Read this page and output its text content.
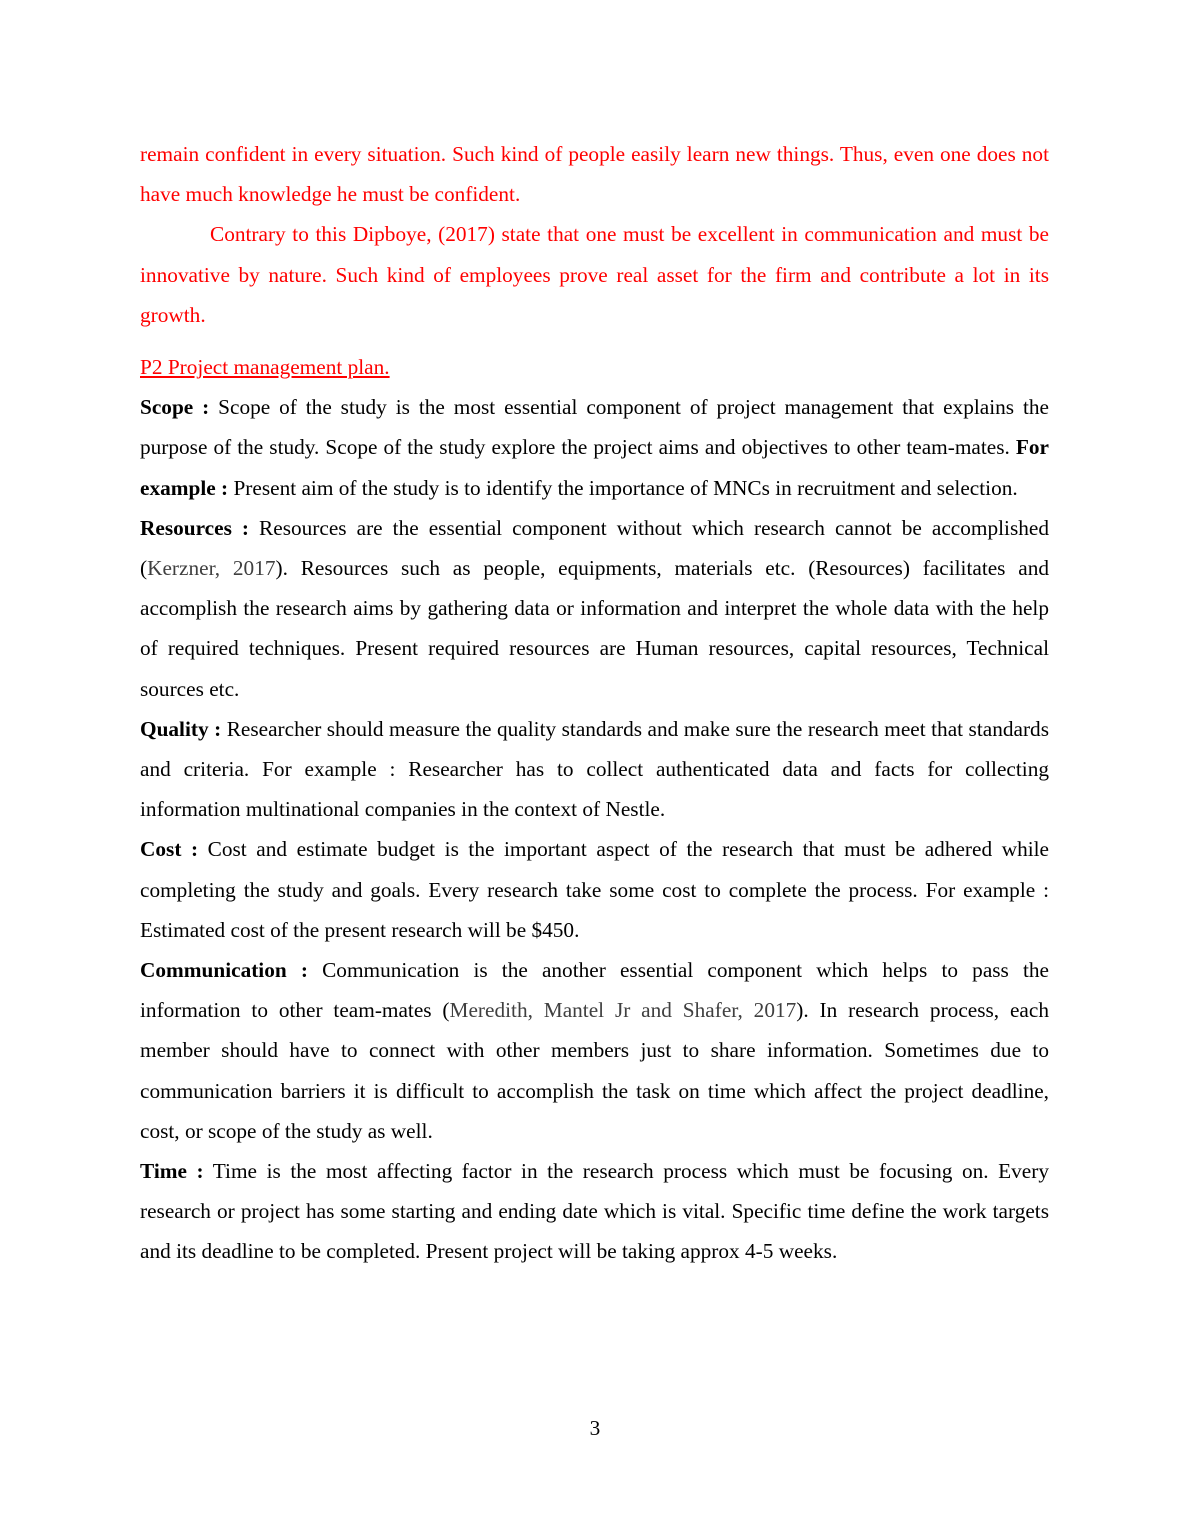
remain confident in every situation. Such kind of people easily learn new things. Thus, even one does not have much knowledge he must be confident.

Contrary to this Dipboye, (2017) state that one must be excellent in communication and must be innovative by nature. Such kind of employees prove real asset for the firm and contribute a lot in its growth.

P2 Project management plan.

Scope : Scope of the study is the most essential component of project management that explains the purpose of the study. Scope of the study explore the project aims and objectives to other team-mates. For example : Present aim of the study is to identify the importance of MNCs in recruitment and selection.

Resources : Resources are the essential component without which research cannot be accomplished (Kerzner, 2017). Resources such as people, equipments, materials etc. (Resources) facilitates and accomplish the research aims by gathering data or information and interpret the whole data with the help of required techniques. Present required resources are Human resources, capital resources, Technical sources etc.

Quality : Researcher should measure the quality standards and make sure the research meet that standards and criteria. For example : Researcher has to collect authenticated data and facts for collecting information multinational companies in the context of Nestle.

Cost : Cost and estimate budget is the important aspect of the research that must be adhered while completing the study and goals. Every research take some cost to complete the process. For example : Estimated cost of the present research will be $450.

Communication : Communication is the another essential component which helps to pass the information to other team-mates (Meredith, Mantel Jr and Shafer, 2017). In research process, each member should have to connect with other members just to share information. Sometimes due to communication barriers it is difficult to accomplish the task on time which affect the project deadline, cost, or scope of the study as well.

Time : Time is the most affecting factor in the research process which must be focusing on. Every research or project has some starting and ending date which is vital. Specific time define the work targets and its deadline to be completed. Present project will be taking approx 4-5 weeks.

3
